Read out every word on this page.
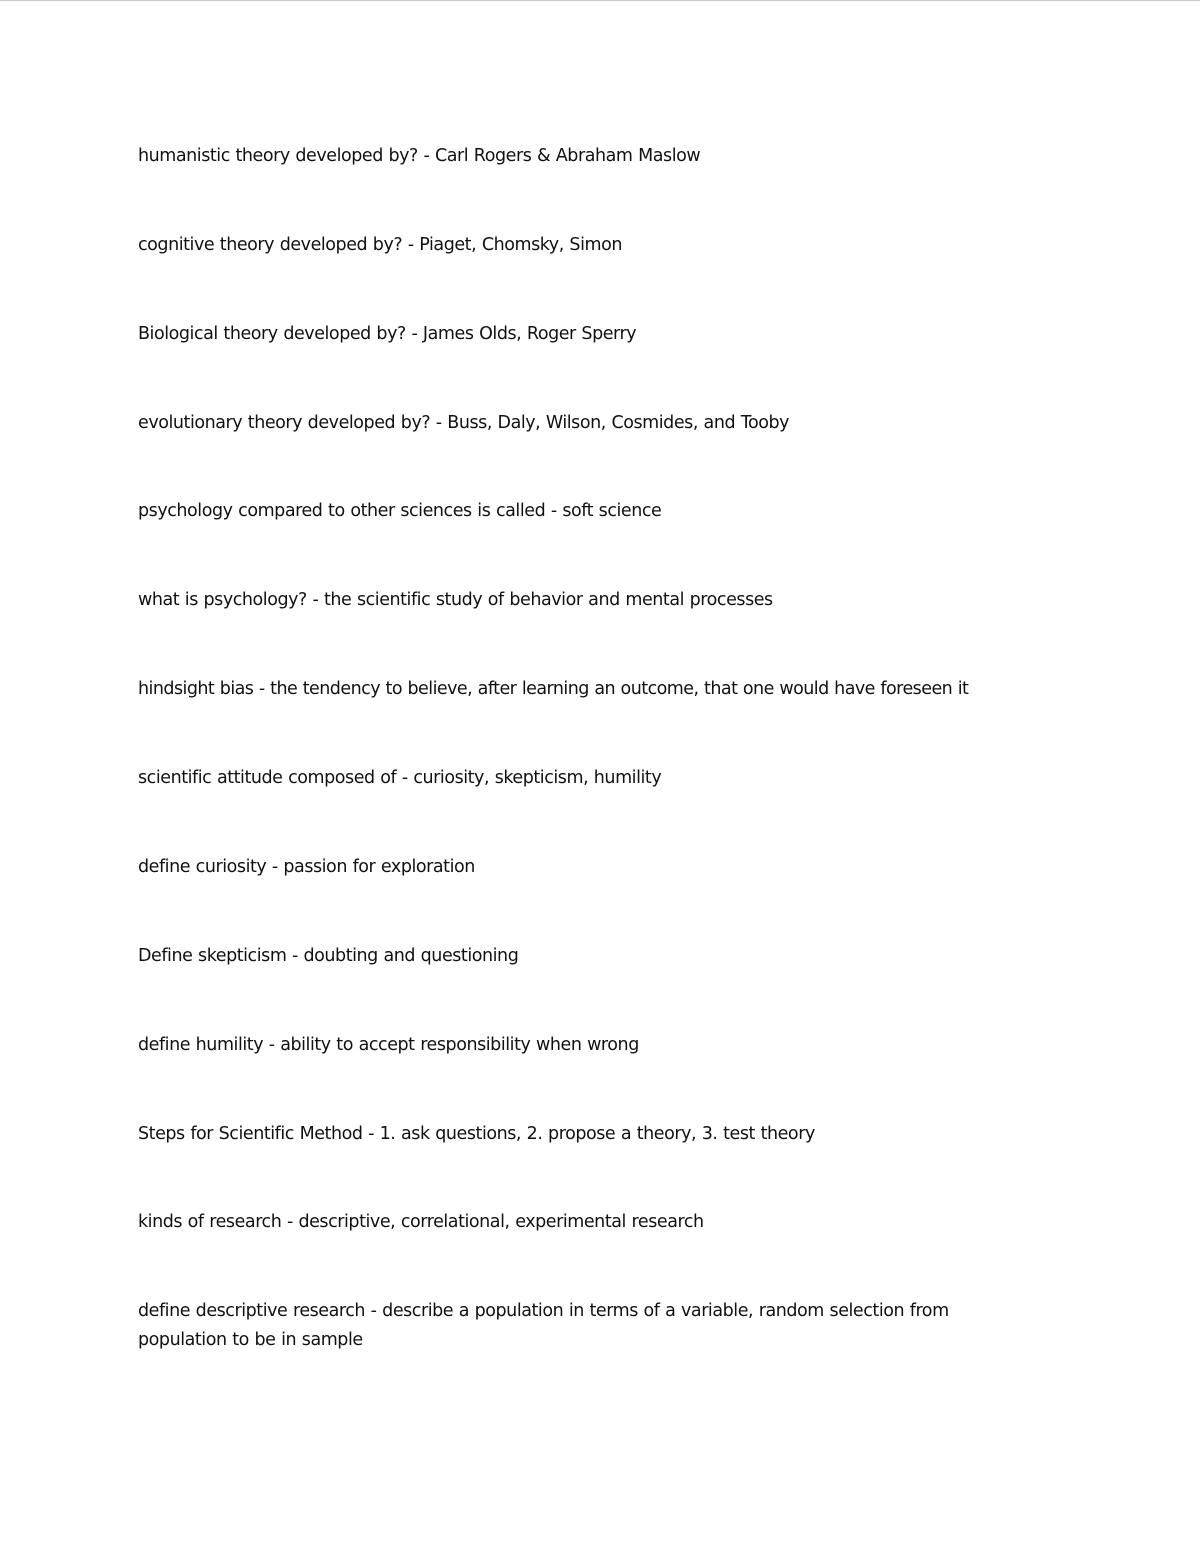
humanistic theory developed by? - Carl Rogers & Abraham Maslow

cognitive theory developed by? - Piaget, Chomsky, Simon

Biological theory developed by? - James Olds, Roger Sperry

evolutionary theory developed by? - Buss, Daly, Wilson, Cosmides, and Tooby

psychology compared to other sciences is called - soft science

what is psychology? - the scientific study of behavior and mental processes

hindsight bias - the tendency to believe, after learning an outcome, that one would have foreseen it

scientific attitude composed of - curiosity, skepticism, humility

define curiosity - passion for exploration

Define skepticism - doubting and questioning

define humility - ability to accept responsibility when wrong

Steps for Scientific Method - 1. ask questions, 2. propose a theory, 3. test theory

kinds of research - descriptive, correlational, experimental research

define descriptive research - describe a population in terms of a variable, random selection from population to be in sample
